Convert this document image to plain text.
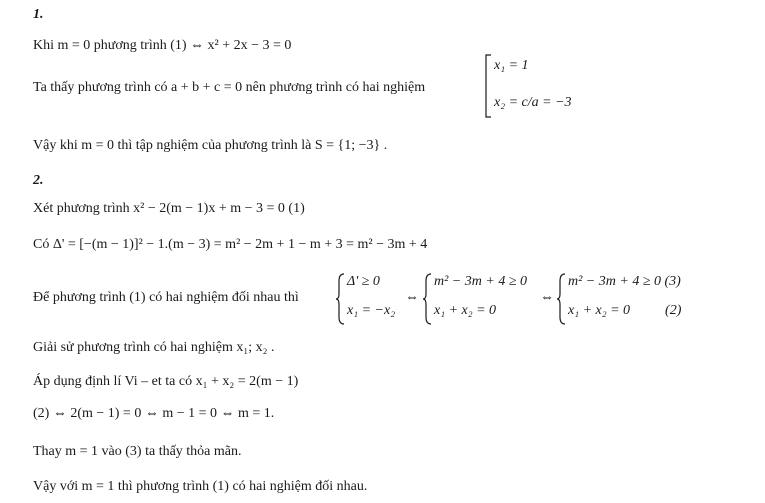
1.
Khi m = 0 phương trình (1) ⇔ x² + 2x − 3 = 0
Ta thấy phương trình có a + b + c = 0 nên phương trình có hai nghiệm
x₁ = 1
x₂ = c/a = −3
Vậy khi m = 0 thì tập nghiệm của phương trình là S = {1; −3} .
2.
Xét phương trình x² − 2(m − 1)x + m − 3 = 0 (1)
Có Δ' = [−(m − 1)]² − 1.(m − 3) = m² − 2m + 1 − m + 3 = m² − 3m + 4
Để phương trình (1) có hai nghiệm đối nhau thì
Δ' ≥ 0
x₁ = −x₂
⇔
m² − 3m + 4 ≥ 0
x₁ + x₂ = 0
⇔
m² − 3m + 4 ≥ 0 (3)
x₁ + x₂ = 0          (2)
Giải sử phương trình có hai nghiệm x₁; x₂ .
Áp dụng định lí Vi – et ta có x₁ + x₂ = 2(m − 1)
(2) ⇔ 2(m − 1) = 0 ⇔ m − 1 = 0 ⇔ m = 1.
Thay m = 1 vào (3) ta thấy thỏa mãn.
Vậy với m = 1 thì phương trình (1) có hai nghiệm đối nhau.
